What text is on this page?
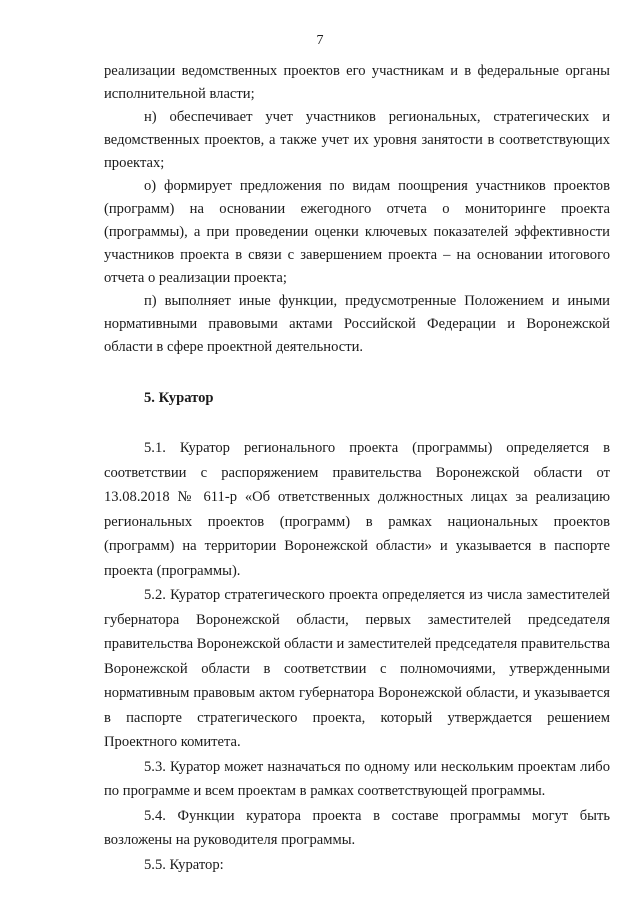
7

реализации ведомственных проектов его участникам и в федеральные органы исполнительной власти;

н) обеспечивает учет участников региональных, стратегических и ведомственных проектов, а также учет их уровня занятости в соответствующих проектах;

о) формирует предложения по видам поощрения участников проектов (программ) на основании ежегодного отчета о мониторинге проекта (программы), а при проведении оценки ключевых показателей эффективности участников проекта в связи с завершением проекта – на основании итогового отчета о реализации проекта;

п) выполняет иные функции, предусмотренные Положением и иными нормативными правовыми актами Российской Федерации и Воронежской области в сфере проектной деятельности.

5. Куратор

5.1. Куратор регионального проекта (программы) определяется в соответствии с распоряжением правительства Воронежской области от 13.08.2018 № 611-р «Об ответственных должностных лицах за реализацию региональных проектов (программ) в рамках национальных проектов (программ) на территории Воронежской области» и указывается в паспорте проекта (программы).

5.2. Куратор стратегического проекта определяется из числа заместителей губернатора Воронежской области, первых заместителей председателя правительства Воронежской области и заместителей председателя правительства Воронежской области в соответствии с полномочиями, утвержденными нормативным правовым актом губернатора Воронежской области, и указывается в паспорте стратегического проекта, который утверждается решением Проектного комитета.

5.3. Куратор может назначаться по одному или нескольким проектам либо по программе и всем проектам в рамках соответствующей программы.

5.4. Функции куратора проекта в составе программы могут быть возложены на руководителя программы.

5.5. Куратор:
